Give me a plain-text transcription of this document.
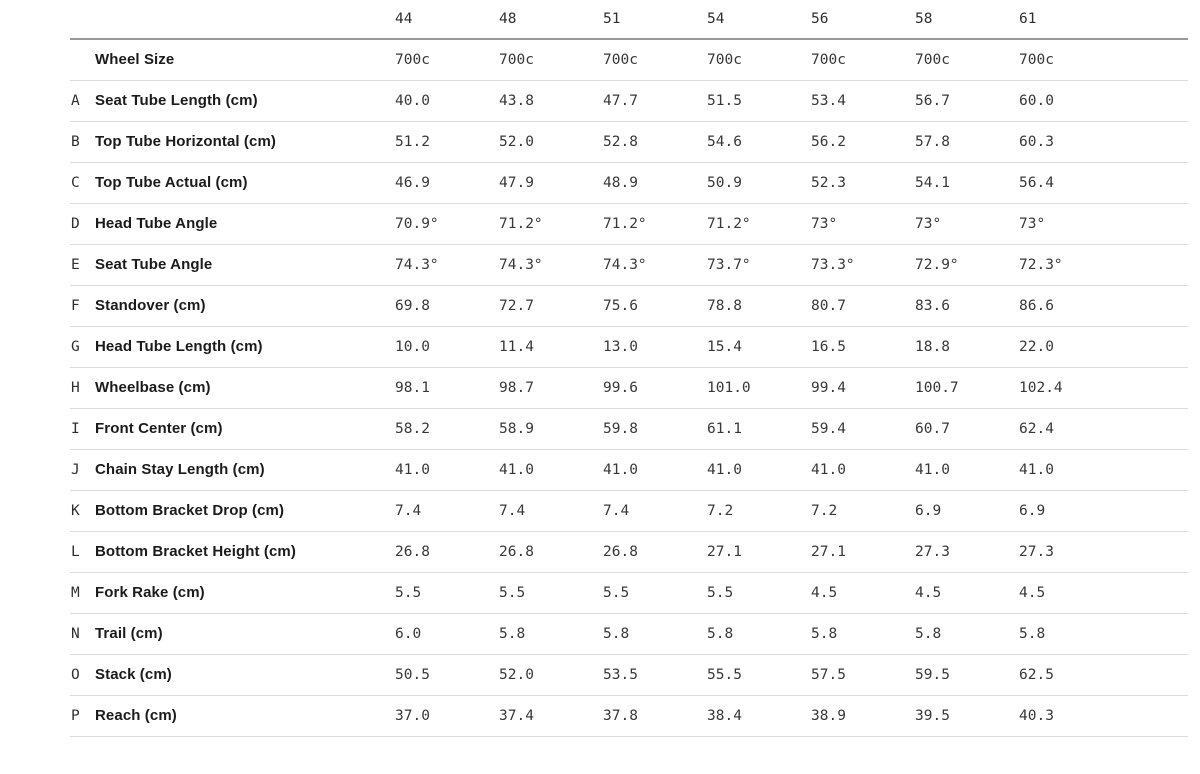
		44	48	51	54	56	58	61
	Wheel Size	700c	700c	700c	700c	700c	700c	700c
A	Seat Tube Length (cm)	40.0	43.8	47.7	51.5	53.4	56.7	60.0
B	Top Tube Horizontal (cm)	51.2	52.0	52.8	54.6	56.2	57.8	60.3
C	Top Tube Actual (cm)	46.9	47.9	48.9	50.9	52.3	54.1	56.4
D	Head Tube Angle	70.9°	71.2°	71.2°	71.2°	73°	73°	73°
E	Seat Tube Angle	74.3°	74.3°	74.3°	73.7°	73.3°	72.9°	72.3°
F	Standover (cm)	69.8	72.7	75.6	78.8	80.7	83.6	86.6
G	Head Tube Length (cm)	10.0	11.4	13.0	15.4	16.5	18.8	22.0
H	Wheelbase (cm)	98.1	98.7	99.6	101.0	99.4	100.7	102.4
I	Front Center (cm)	58.2	58.9	59.8	61.1	59.4	60.7	62.4
J	Chain Stay Length (cm)	41.0	41.0	41.0	41.0	41.0	41.0	41.0
K	Bottom Bracket Drop (cm)	7.4	7.4	7.4	7.2	7.2	6.9	6.9
L	Bottom Bracket Height (cm)	26.8	26.8	26.8	27.1	27.1	27.3	27.3
M	Fork Rake (cm)	5.5	5.5	5.5	5.5	4.5	4.5	4.5
N	Trail (cm)	6.0	5.8	5.8	5.8	5.8	5.8	5.8
O	Stack (cm)	50.5	52.0	53.5	55.5	57.5	59.5	62.5
P	Reach (cm)	37.0	37.4	37.8	38.4	38.9	39.5	40.3
